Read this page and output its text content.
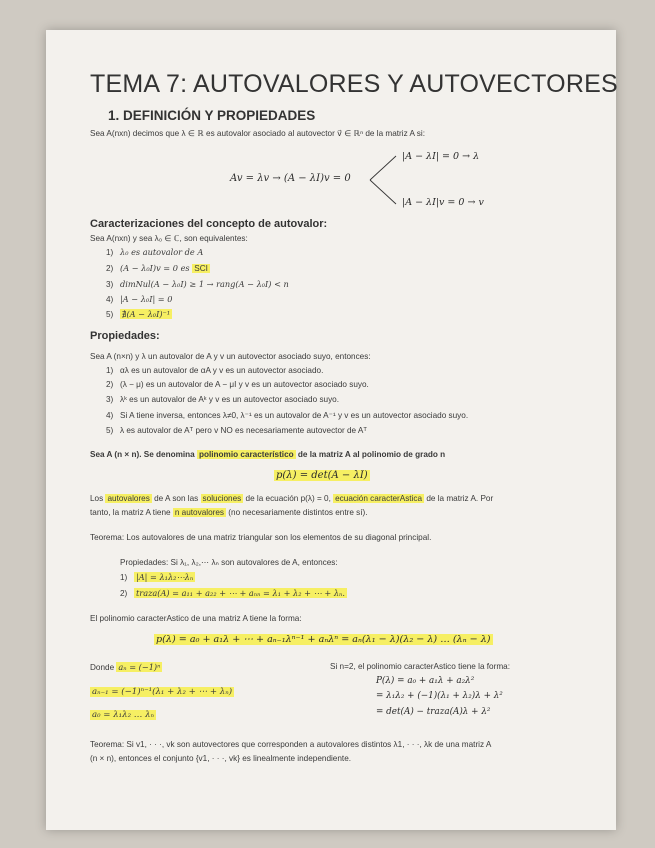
TEMA 7: AUTOVALORES Y AUTOVECTORES
1. DEFINICIÓN Y PROPIEDADES
Sea A(nxn) decimos que λ ∈ ℝ es autovalor asociado al autovector v⃗ ∈ ℝⁿ de la matriz A si:
Av = λv → (A − λI)v = 0
|A − λI| = 0 → λ
|A − λI|v = 0 → v
Caracterizaciones del concepto de autovalor:
Sea A(nxn) y sea λ₀ ∈ ℂ, son equivalentes:
1) λ₀ es autovalor de A
2) (A − λ₀I)v = 0 es SCI
3) dimNul(A − λ₀I) ≥ 1 → rang(A − λ₀I) < n
4) |A − λ₀I| = 0
5) ∄(A − λ₀I)⁻¹
Propiedades:
Sea A (n×n) y λ un autovalor de A y v un autovector asociado suyo, entonces:
1) αλ es un autovalor de αA y v es un autovector asociado.
2) (λ − μ) es un autovalor de A − μI y v es un autovector asociado suyo.
3) λᵏ es un autovalor de Aᵏ y v es un autovector asociado suyo.
4) Si A tiene inversa, entonces λ≠0, λ⁻¹ es un autovalor de A⁻¹ y v es un autovector asociado suyo.
5) λ es autovalor de Aᵀ pero v NO es necesariamente autovector de Aᵀ
Sea A (n × n). Se denomina polinomio característico de la matriz A al polinomio de grado n
p(λ) = det(A − λI)
Los autovalores de A son las soluciones de la ecuación p(λ) = 0, ecuación caracterAstica de la matriz A. Por
tanto, la matriz A tiene n autovalores (no necesariamente distintos entre sí).
Teorema: Los autovalores de una matriz triangular son los elementos de su diagonal principal.
Propiedades: Si λ₁, λ₂,⋯ λₙ son autovalores de A, entonces:
1) |A| = λ₁λ₂⋯λₙ
2) traza(A) = a₁₁ + a₂₂ + ⋯ + aₙₙ = λ₁ + λ₂ + ⋯ + λₙ.
El polinomio caracterAstico de una matriz A tiene la forma:
p(λ) = a₀ + a₁λ + ⋯ + aₙ₋₁λⁿ⁻¹ + aₙλⁿ = aₙ(λ₁ − λ)(λ₂ − λ) … (λₙ − λ)
Donde aₙ = (−1)ⁿ
aₙ₋₁ = (−1)ⁿ⁻¹(λ₁ + λ₂ + ⋯ + λₙ)
a₀ = λ₁λ₂ … λₙ
Si n=2, el polinomio caracterAstico tiene la forma:
P(λ) = a₀ + a₁λ + a₂λ²
= λ₁λ₂ + (−1)(λ₁ + λ₂)λ + λ²
= det(A) − traza(A)λ + λ²
Teorema: Si v1, · · ·, vk son autovectores que corresponden a autovalores distintos λ1, · · ·, λk de una matriz A
(n × n), entonces el conjunto {v1, · · ·, vk} es linealmente independiente.
